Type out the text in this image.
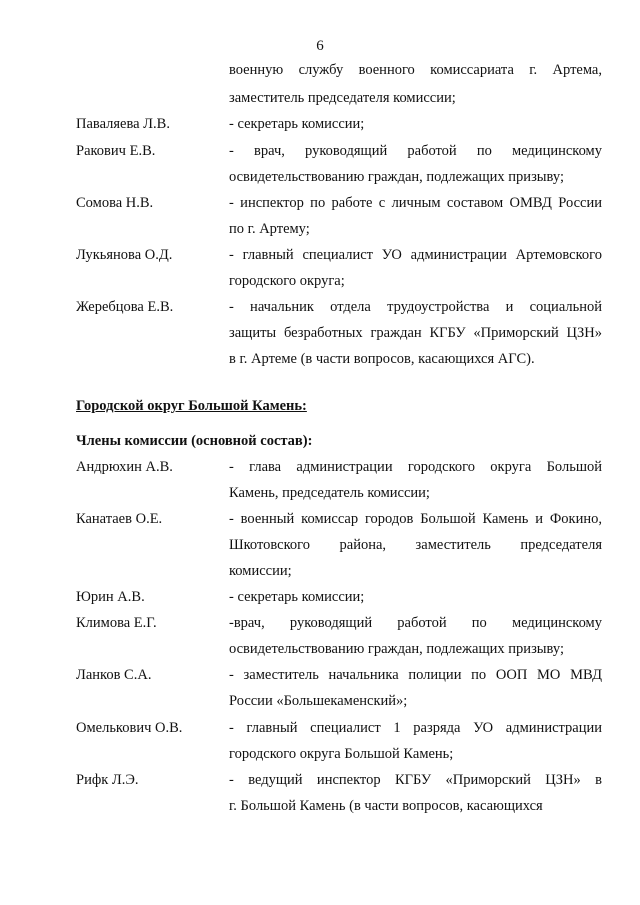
6
военную службу военного комиссариата г. Артема,
заместитель председателя комиссии;
Паваляева Л.В.	- секретарь комиссии;
Ракович Е.В.	- врач, руководящий работой по медицинскому
освидетельствованию граждан, подлежащих призыву;
Сомова Н.В.	- инспектор по работе с личным составом ОМВД России
по г. Артему;
Лукьянова О.Д.	- главный специалист УО администрации Артемовского
городского округа;
Жеребцова Е.В.	- начальник отдела трудоустройства и социальной
защиты безработных граждан КГБУ «Приморский ЦЗН»
в г. Артеме (в части вопросов, касающихся АГС).
Городской округ Большой Камень:
Члены комиссии (основной состав):
Андрюхин А.В.	- глава администрации городского округа Большой
Камень, председатель комиссии;
Канатаев О.Е.	- военный комиссар городов Большой Камень и Фокино,
Шкотовского района, заместитель председателя
комиссии;
Юрин А.В.	- секретарь комиссии;
Климова Е.Г.	-врач, руководящий работой по медицинскому
освидетельствованию граждан, подлежащих призыву;
Ланков С.А.	- заместитель начальника полиции по ООП МО МВД
России «Большекаменский»;
Омелькович О.В.	- главный специалист 1 разряда УО администрации
городского округа Большой Камень;
Рифк Л.Э.	- ведущий инспектор КГБУ «Приморский ЦЗН» в
г. Большой Камень (в части вопросов, касающихся
